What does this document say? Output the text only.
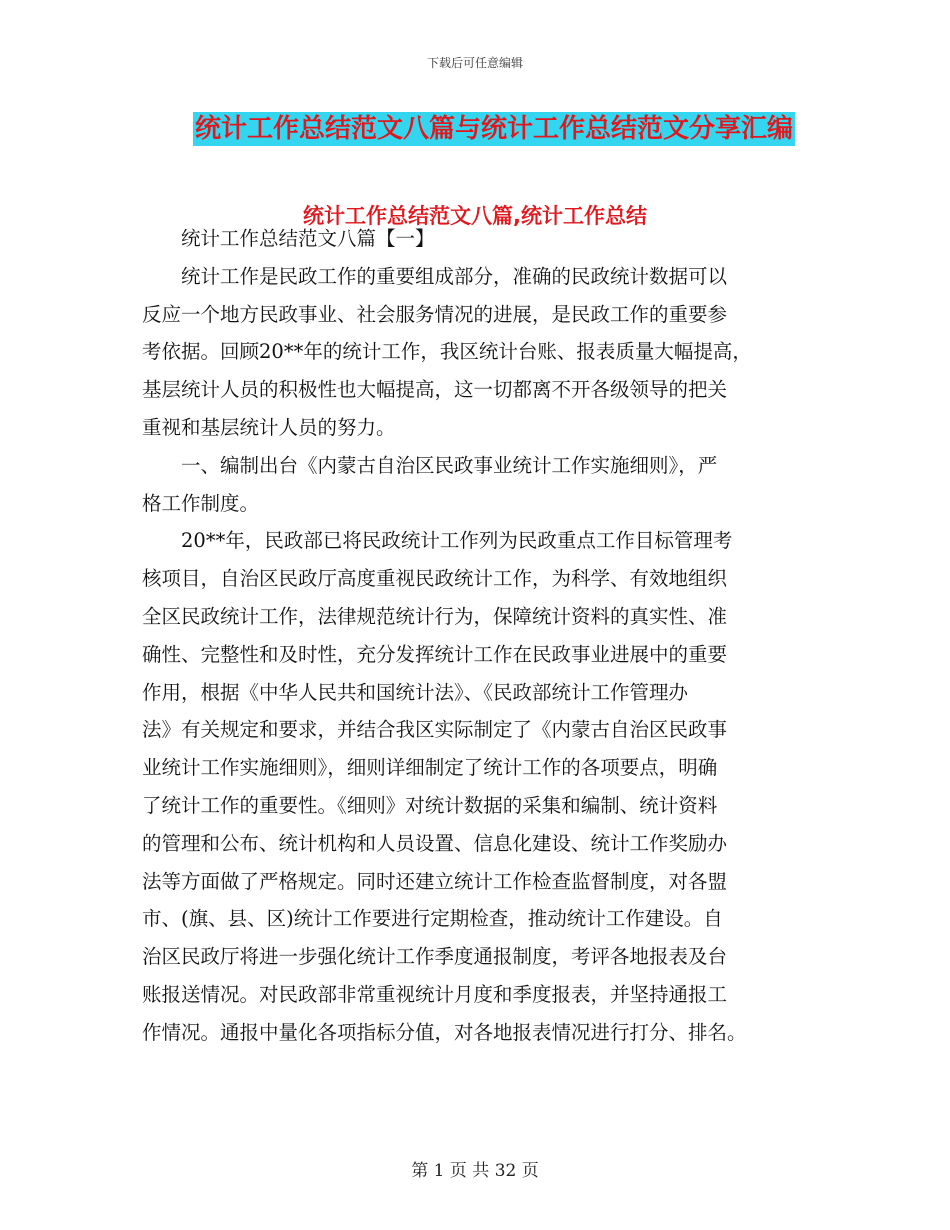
下载后可任意编辑
统计工作总结范文八篇与统计工作总结范文分享汇编
统计工作总结范文八篇,统计工作总结

　　统计工作总结范文八篇【一】

　　统计工作是民政工作的重要组成部分，准确的民政统计数据可以

反应一个地方民政事业、社会服务情况的进展，是民政工作的重要参

考依据。回顾20**年的统计工作，我区统计台账、报表质量大幅提高，

基层统计人员的积极性也大幅提高，这一切都离不开各级领导的把关

重视和基层统计人员的努力。

　　一、编制出台《内蒙古自治区民政事业统计工作实施细则》，严

格工作制度。

　　20**年，民政部已将民政统计工作列为民政重点工作目标管理考

核项目，自治区民政厅高度重视民政统计工作，为科学、有效地组织

全区民政统计工作，法律规范统计行为，保障统计资料的真实性、准

确性、完整性和及时性，充分发挥统计工作在民政事业进展中的重要

作用，根据《中华人民共和国统计法》、《民政部统计工作管理办

法》有关规定和要求，并结合我区实际制定了《内蒙古自治区民政事

业统计工作实施细则》，细则详细制定了统计工作的各项要点，明确

了统计工作的重要性。《细则》对统计数据的采集和编制、统计资料

的管理和公布、统计机构和人员设置、信息化建设、统计工作奖励办

法等方面做了严格规定。同时还建立统计工作检查监督制度，对各盟

市、(旗、县、区)统计工作要进行定期检查，推动统计工作建设。自

治区民政厅将进一步强化统计工作季度通报制度，考评各地报表及台

账报送情况。对民政部非常重视统计月度和季度报表，并坚持通报工

作情况。通报中量化各项指标分值，对各地报表情况进行打分、排名。

第 1 页 共 32 页
